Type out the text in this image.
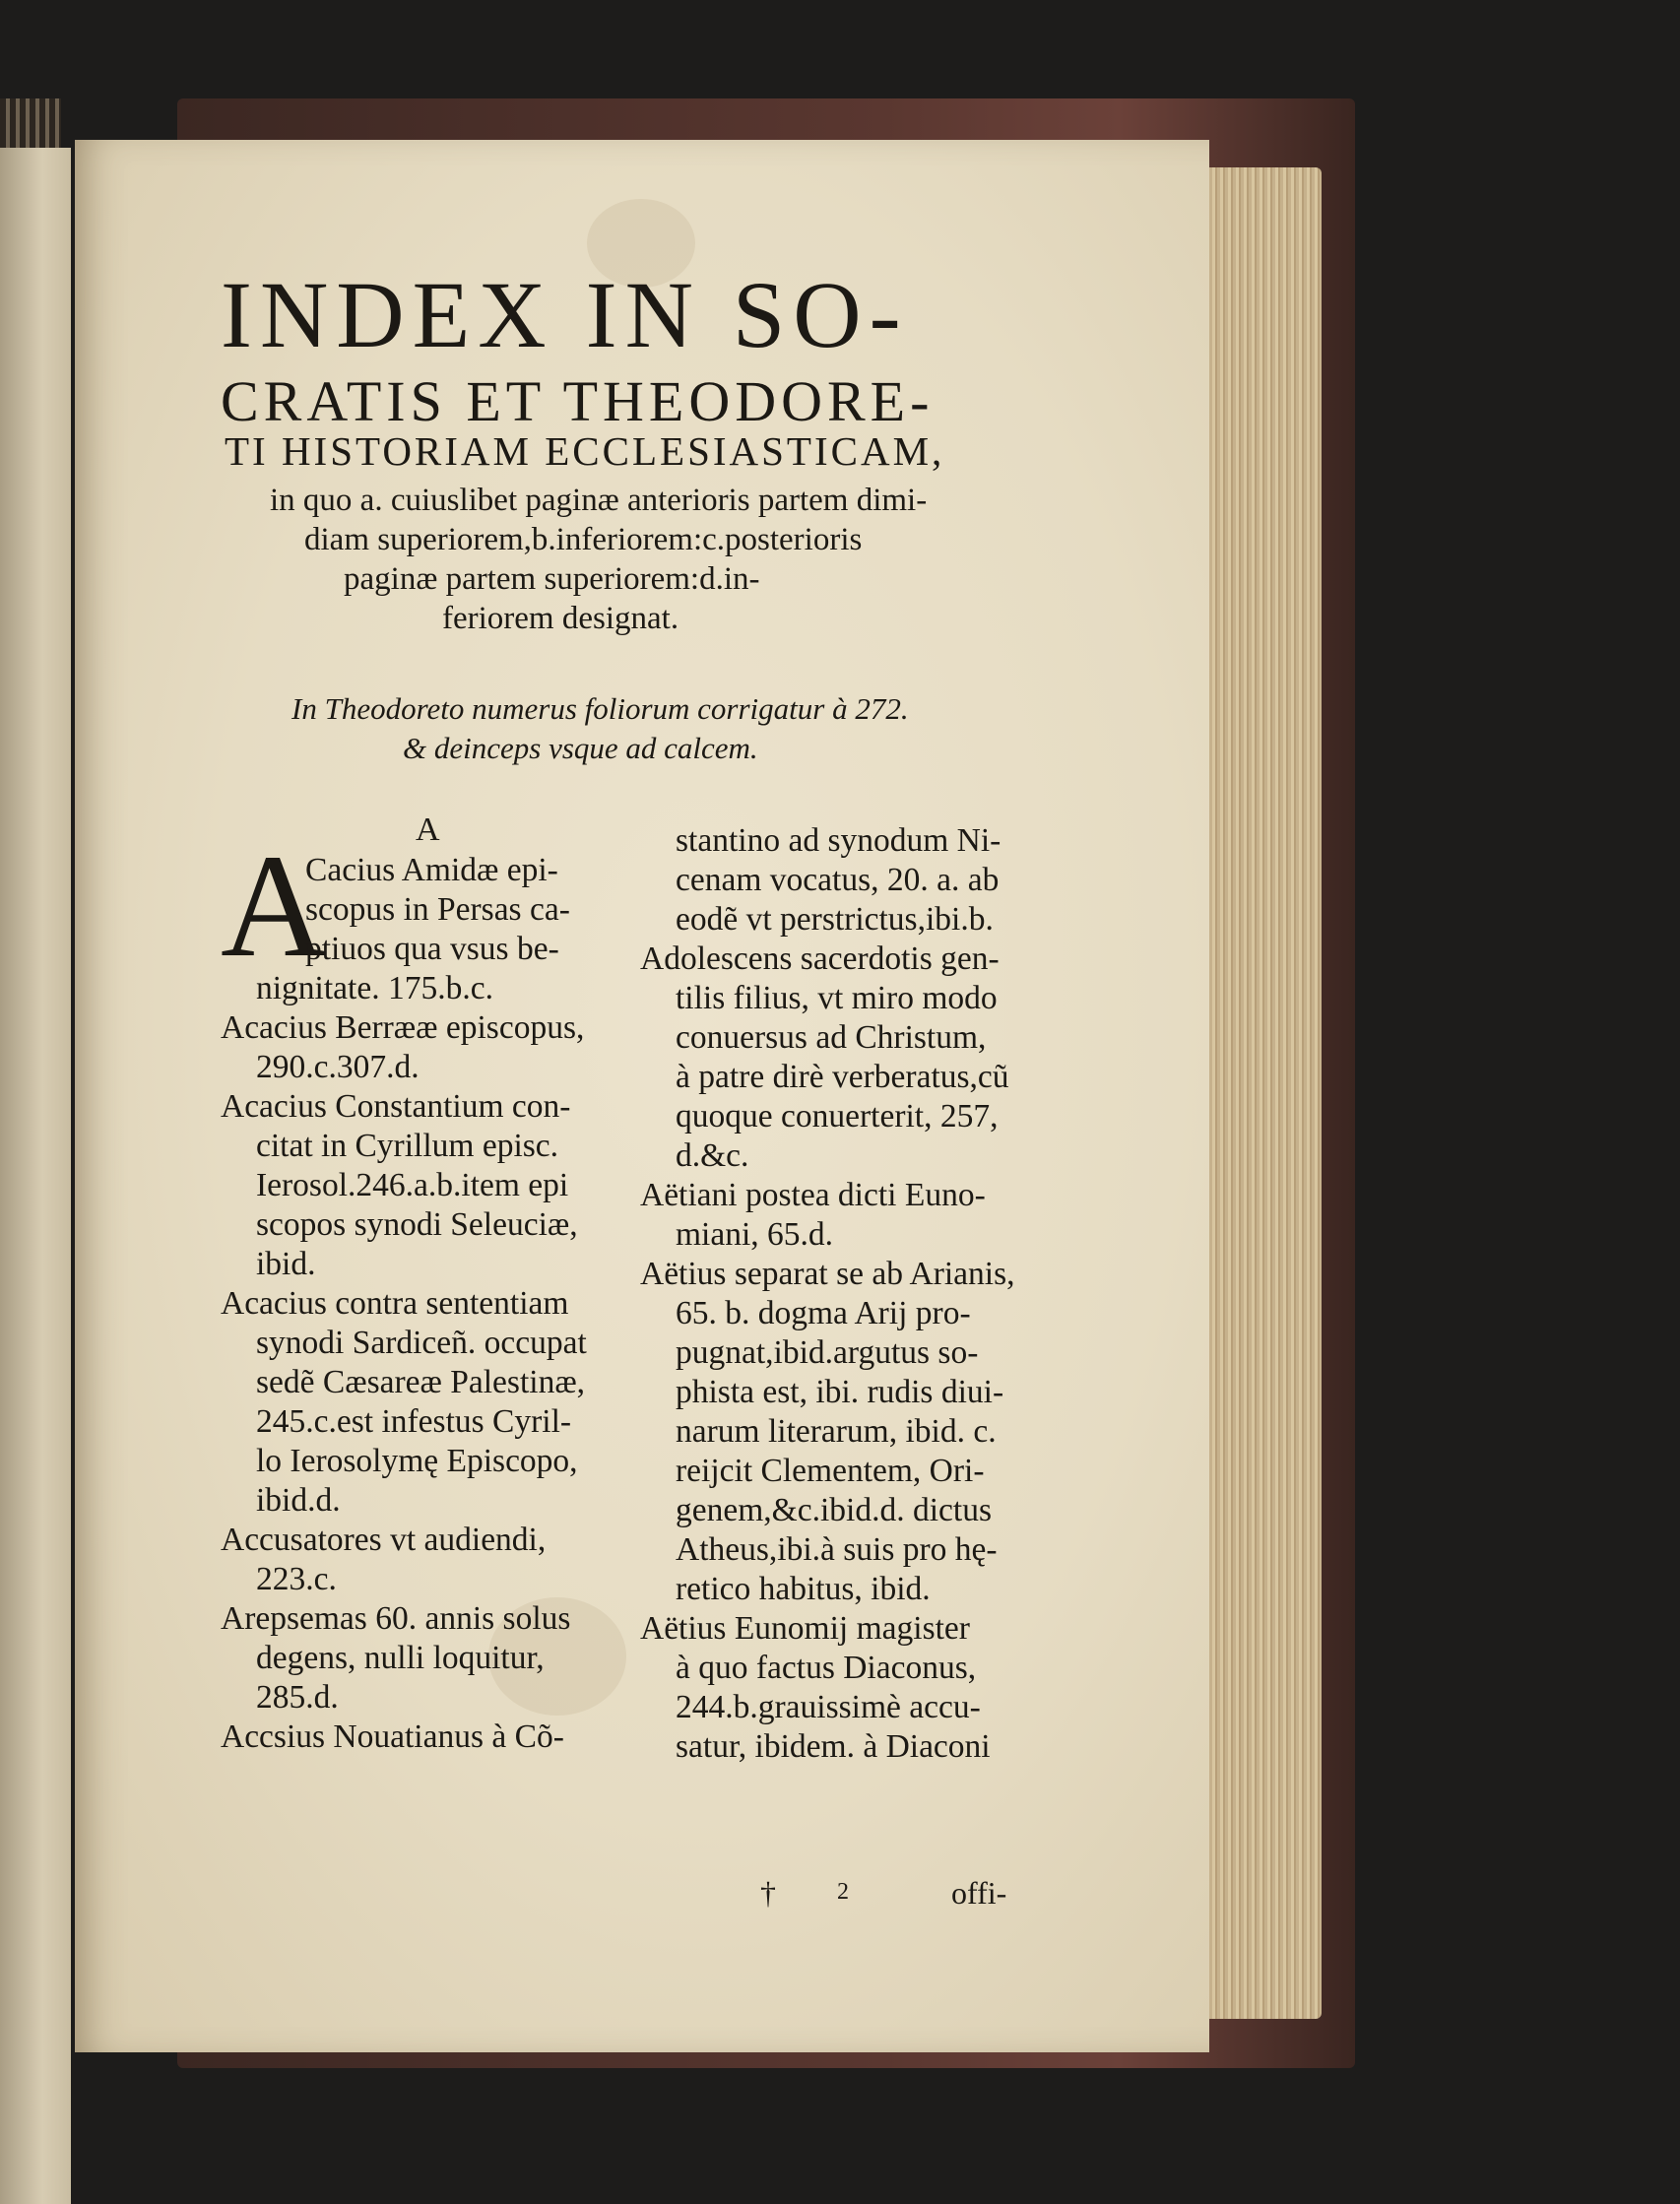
INDEX IN SO-
CRATIS ET THEODORE-
TI HISTORIAM ECCLESIASTICAM,
in quo a. cuiuslibet paginæ anterioris partem dimi-
diam superiorem,b.inferiorem:c.posterioris
paginæ partem superiorem:d.in-
feriorem designat.
In Theodoreto numerus foliorum corrigatur à 272.
& deinceps vsque ad calcem.
A
A
Cacius Amidæ epi-
scopus in Persas ca-
ptiuos qua vsus be-
nignitate. 175.b.c.
Acacius Berrææ episcopus,
290.c.307.d.
Acacius Constantium con-
citat in Cyrillum episc.
Ierosol.246.a.b.item epi
scopos synodi Seleuciæ,
ibid.
Acacius contra sententiam
synodi Sardiceñ. occupat
sedẽ Cæsareæ Palestinæ,
245.c.est infestus Cyril-
lo Ierosolymę Episcopo,
ibid.d.
Accusatores vt audiendi,
223.c.
Arepsemas 60. annis solus
degens, nulli loquitur,
285.d.
Accsius Nouatianus à Cõ-
stantino ad synodum Ni-
cenam vocatus, 20. a. ab
eodẽ vt perstrictus,ibi.b.
Adolescens sacerdotis gen-
tilis filius, vt miro modo
conuersus ad Christum,
à patre dirè verberatus,cũ
quoque conuerterit, 257,
d.&c.
Aëtiani postea dicti Euno-
miani, 65.d.
Aëtius separat se ab Arianis,
65. b. dogma Arij pro-
pugnat,ibid.argutus so-
phista est, ibi. rudis diui-
narum literarum, ibid. c.
reijcit Clementem, Ori-
genem,&c.ibid.d. dictus
Atheus,ibi.à suis pro hę-
retico habitus, ibid.
Aëtius Eunomij magister
à quo factus Diaconus,
244.b.grauissimè accu-
satur, ibidem. à Diaconi
†	2	offi-
